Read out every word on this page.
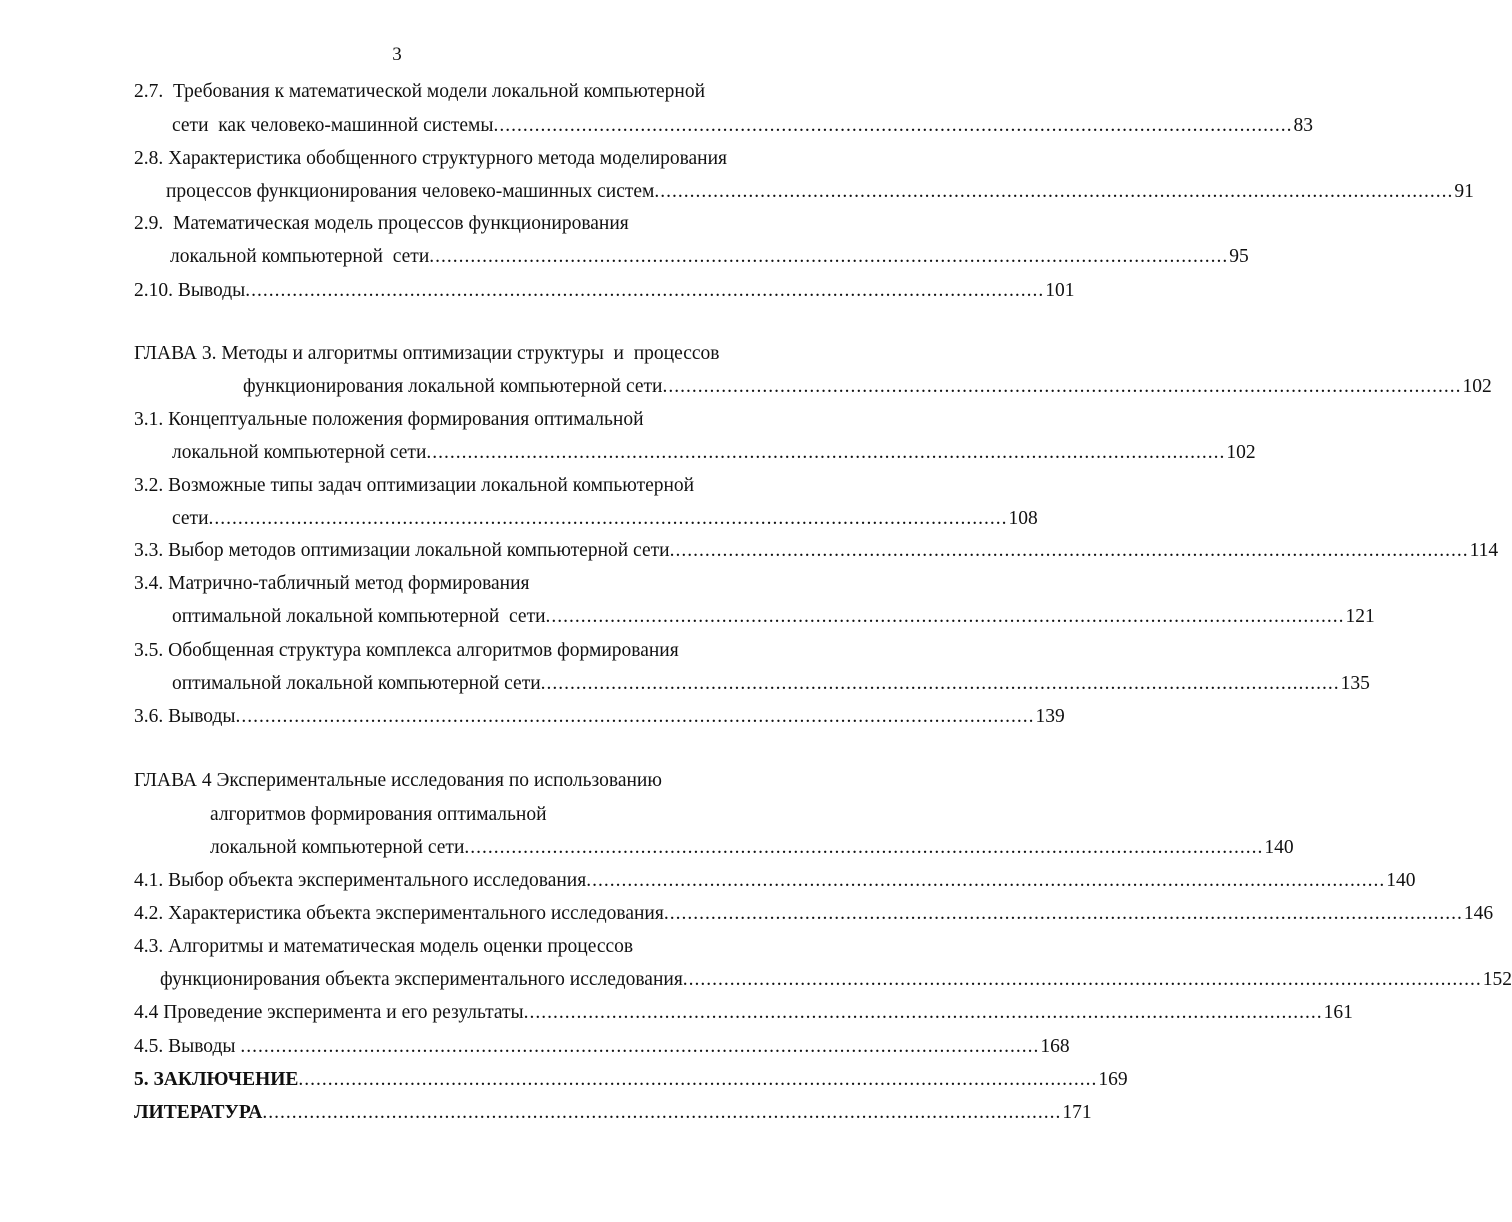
3
2.7.  Требования к математической модели локальной компьютерной
сети  как человеко-машинной системы ........................................................................................................................................ 83
2.8. Характеристика обобщенного структурного метода моделирования
процессов функционирования человеко-машинных систем ........................................................................................................................................ 91
2.9.  Математическая модель процессов функционирования
локальной компьютерной  сети ........................................................................................................................................ 95
2.10. Выводы ........................................................................................................................................ 101
ГЛАВА 3. Методы и алгоритмы оптимизации структуры  и  процессов
функционирования локальной компьютерной сети ........................................................................................................................................ 102
3.1. Концептуальные положения формирования оптимальной
локальной компьютерной сети ........................................................................................................................................ 102
3.2. Возможные типы задач оптимизации локальной компьютерной
сети ........................................................................................................................................ 108
3.3. Выбор методов оптимизации локальной компьютерной сети ........................................................................................................................................ 114
3.4. Матрично-табличный метод формирования
оптимальной локальной компьютерной  сети ........................................................................................................................................ 121
3.5. Обобщенная структура комплекса алгоритмов формирования
оптимальной локальной компьютерной сети ........................................................................................................................................ 135
3.6. Выводы ........................................................................................................................................ 139
ГЛАВА 4 Экспериментальные исследования по использованию
алгоритмов формирования оптимальной
локальной компьютерной сети ........................................................................................................................................ 140
4.1. Выбор объекта экспериментального исследования ........................................................................................................................................ 140
4.2. Характеристика объекта экспериментального исследования ........................................................................................................................................ 146
4.3. Алгоритмы и математическая модель оценки процессов
функционирования объекта экспериментального исследования ........................................................................................................................................ 152
4.4 Проведение эксперимента и его результаты ........................................................................................................................................ 161
4.5. Выводы ........................................................................................................................................ 168
5. ЗАКЛЮЧЕНИЕ ........................................................................................................................................ 169
ЛИТЕРАТУРА ........................................................................................................................................ 171
